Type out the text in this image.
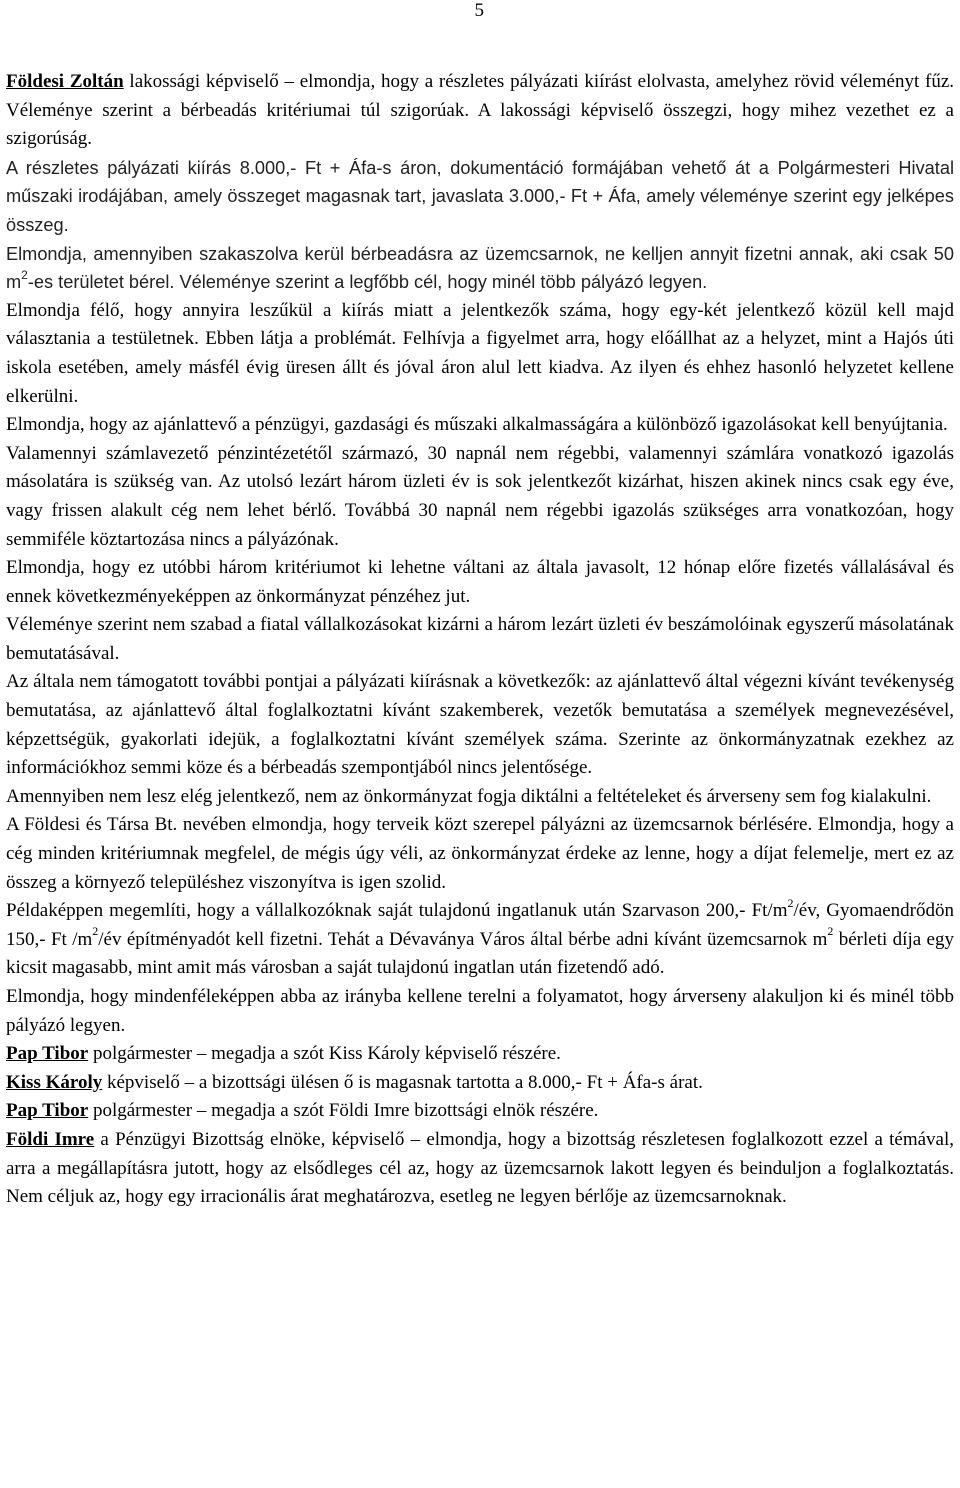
5

Földesi Zoltán lakossági képviselő – elmondja, hogy a részletes pályázati kiírást elolvasta, amelyhez rövid véleményt fűz. Véleménye szerint a bérbeadás kritériumai túl szigorúak. A lakossági képviselő összegzi, hogy mihez vezethet ez a szigorúság.

A részletes pályázati kiírás 8.000,- Ft + Áfa-s áron, dokumentáció formájában vehető át a Polgármesteri Hivatal műszaki irodájában, amely összeget magasnak tart, javaslata 3.000,- Ft + Áfa, amely véleménye szerint egy jelképes összeg.

Elmondja, amennyiben szakaszolva kerül bérbeadásra az üzemcsarnok, ne kelljen annyit fizetni annak, aki csak 50 $m^2-es$ területet bérel. Véleménye szerint a legfőbb cél, hogy minél több pályázó legyen.

Elmondja félő, hogy annyira leszűkül a kiírás miatt a jelentkezők száma, hogy egy-két jelentkező közül kell majd választania a testületnek. Ebben látja a problémát. Felhívja a figyelmet arra, hogy előállhat az a helyzet, mint a Hajós úti iskola esetében, amely másfél évig üresen állt és jóval áron alul lett kiadva. Az ilyen és ehhez hasonló helyzetet kellene elkerülni.

Elmondja, hogy az ajánlattevő a pénzügyi, gazdasági és műszaki alkalmasságára a különböző igazolásokat kell benyújtania.

Valamennyi számlavezető pénzintézetétől származó, 30 napnál nem régebbi, valamennyi számlára vonatkozó igazolás másolatára is szükség van. Az utolsó lezárt három üzleti év is sok jelentkezőt kizárhat, hiszen akinek nincs csak egy éve, vagy frissen alakult cég nem lehet bérlő. Továbbá 30 napnál nem régebbi igazolás szükséges arra vonatkozóan, hogy semmiféle köztartozása nincs a pályázónak.

Elmondja, hogy ez utóbbi három kritériumot ki lehetne váltani az általa javasolt, 12 hónap előre fizetés vállalásával és ennek következményeképpen az önkormányzat pénzéhez jut.

Véleménye szerint nem szabad a fiatal vállalkozásokat kizárni a három lezárt üzleti év beszámolóinak egyszerű másolatának bemutatásával.

Az általa nem támogatott további pontjai a pályázati kiírásnak a következők: az ajánlattevő által végezni kívánt tevékenység bemutatása, az ajánlattevő által foglalkoztatni kívánt szakemberek, vezetők bemutatása a személyek megnevezésével, képzettségük, gyakorlati idejük, a foglalkoztatni kívánt személyek száma. Szerinte az önkormányzatnak ezekhez az információkhoz semmi köze és a bérbeadás szempontjából nincs jelentősége.

Amennyiben nem lesz elég jelentkező, nem az önkormányzat fogja diktálni a feltételeket és árverseny sem fog kialakulni.

A Földesi és Társa Bt. nevében elmondja, hogy terveik közt szerepel pályázni az üzemcsarnok bérlésére. Elmondja, hogy a cég minden kritériumnak megfelel, de mégis úgy véli, az önkormányzat érdeke az lenne, hogy a díjat felemelje, mert ez az összeg a környező településhez viszonyítva is igen szolid.

Példaképpen megemlíti, hogy a vállalkozóknak saját tulajdonú ingatlanuk után Szarvason 200,- $Ft/m^2/év$, Gyomaendrődön 150,- Ft $/m^2/év$ építményadót kell fizetni. Tehát a Dévaványa Város által bérbe adni kívánt üzemcsarnok $m^2$ bérleti díja egy kicsit magasabb, mint amit más városban a saját tulajdonú ingatlan után fizetendő adó.

Elmondja, hogy mindenféleképpen abba az irányba kellene terelni a folyamatot, hogy árverseny alakuljon ki és minél több pályázó legyen.

Pap Tibor polgármester – megadja a szót Kiss Károly képviselő részére.

Kiss Károly képviselő – a bizottsági ülésen ő is magasnak tartotta a 8.000,- Ft + Áfa-s árat.

Pap Tibor polgármester – megadja a szót Földi Imre bizottsági elnök részére.

Földi Imre a Pénzügyi Bizottság elnöke, képviselő – elmondja, hogy a bizottság részletesen foglalkozott ezzel a témával, arra a megállapításra jutott, hogy az elsődleges cél az, hogy az üzemcsarnok lakott legyen és beinduljon a foglalkoztatás. Nem céljuk az, hogy egy irracionális árat meghatározva, esetleg ne legyen bérlője az üzemcsarnoknak.
